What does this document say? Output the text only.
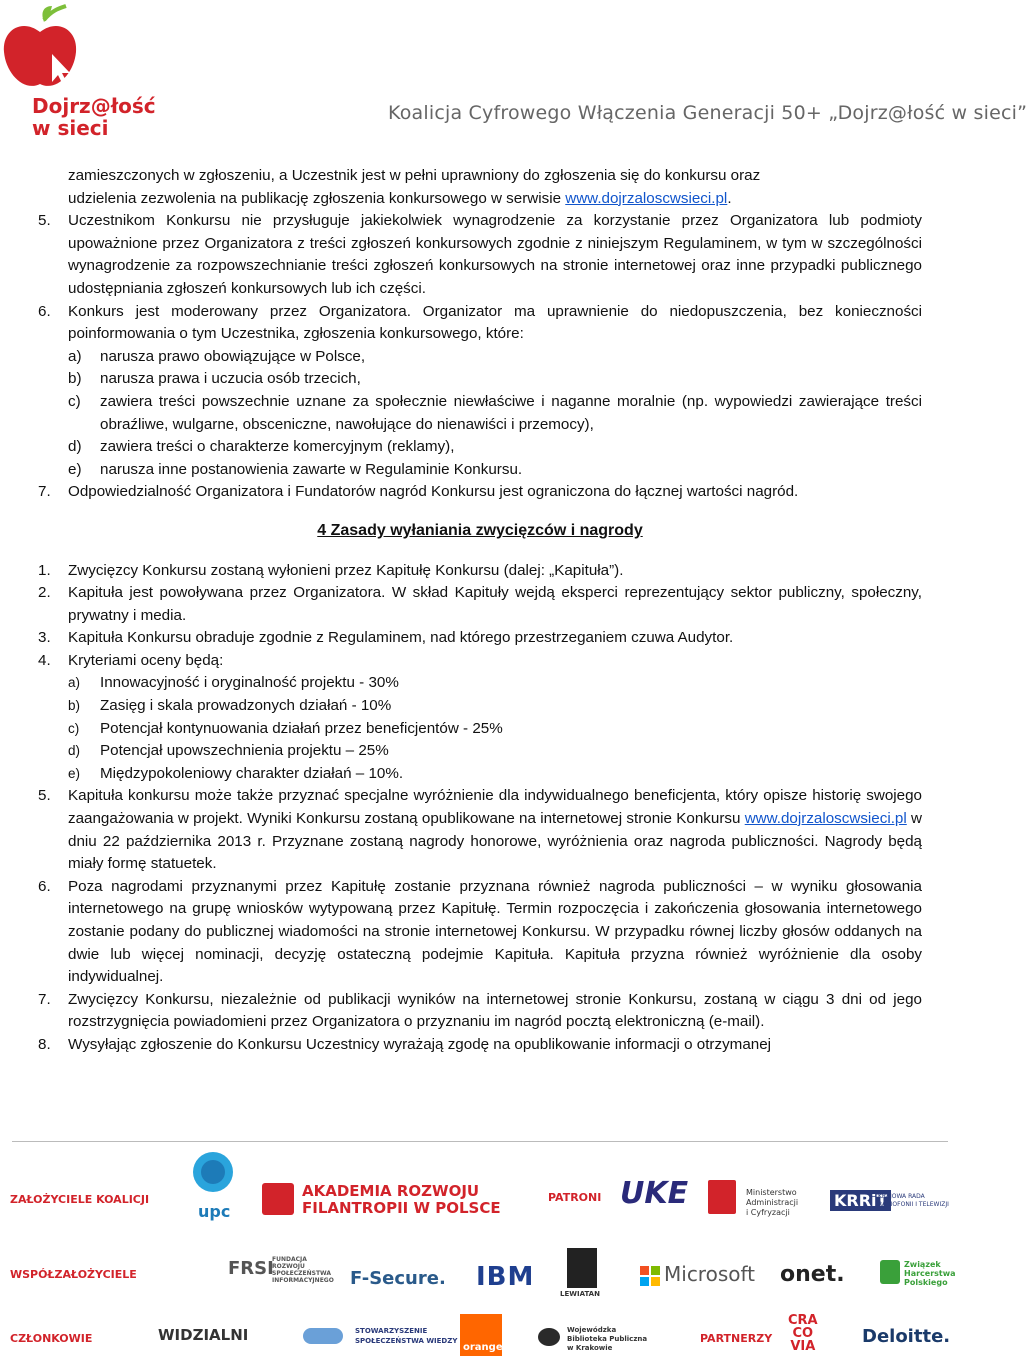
Dojrz@łość
w sieci
Koalicja Cyfrowego Włączenia Generacji 50+ „Dojrz@łość w sieci”
zamieszczonych w zgłoszeniu, a Uczestnik jest w pełni uprawniony do zgłoszenia się do konkursu oraz
udzielenia zezwolenia na publikację zgłoszenia konkursowego w serwisie www.dojrzaloscwsieci.pl.
5.	Uczestnikom Konkursu nie przysługuje jakiekolwiek wynagrodzenie za korzystanie przez Organizatora lub podmioty upoważnione przez Organizatora z treści zgłoszeń konkursowych zgodnie z niniejszym Regulaminem, w tym w szczególności wynagrodzenie za rozpowszechnianie treści zgłoszeń konkursowych na stronie internetowej oraz inne przypadki publicznego udostępniania zgłoszeń konkursowych lub ich części.
6.	Konkurs jest moderowany przez Organizatora. Organizator ma uprawnienie do niedopuszczenia, bez konieczności poinformowania o tym Uczestnika, zgłoszenia konkursowego, które:
a)	narusza prawo obowiązujące w Polsce,
b)	narusza prawa i uczucia osób trzecich,
c)	zawiera treści powszechnie uznane za społecznie niewłaściwe i naganne moralnie (np. wypowiedzi zawierające treści obraźliwe, wulgarne, obsceniczne, nawołujące do nienawiści i przemocy),
d)	zawiera treści o charakterze komercyjnym (reklamy),
e)	narusza inne postanowienia zawarte w Regulaminie Konkursu.
7.	Odpowiedzialność Organizatora i Fundatorów nagród Konkursu jest ograniczona do łącznej wartości nagród.
4 Zasady wyłaniania zwycięzców i nagrody
1.	Zwycięzcy Konkursu zostaną wyłonieni przez Kapitułę Konkursu (dalej: „Kapituła”).
2.	Kapituła jest powoływana przez Organizatora. W skład Kapituły wejdą eksperci reprezentujący sektor publiczny, społeczny, prywatny i media.
3.	Kapituła Konkursu obraduje zgodnie z Regulaminem, nad którego przestrzeganiem czuwa Audytor.
4.	Kryteriami oceny będą:
a)	Innowacyjność i oryginalność projektu - 30%
b)	Zasięg i skala prowadzonych działań - 10%
c)	Potencjał kontynuowania działań przez beneficjentów - 25%
d)	Potencjał upowszechnienia projektu – 25%
e)	Międzypokoleniowy charakter działań – 10%.
5.	Kapituła konkursu może także przyznać specjalne wyróżnienie dla indywidualnego beneficjenta, który opisze historię swojego zaangażowania w projekt. Wyniki Konkursu zostaną opublikowane na internetowej stronie Konkursu www.dojrzaloscwsieci.pl w dniu 22 października 2013 r. Przyznane zostaną nagrody honorowe, wyróżnienia oraz nagroda publiczności. Nagrody będą miały formę statuetek.
6.	Poza nagrodami przyznanymi przez Kapitułę zostanie przyznana również nagroda publiczności – w wyniku głosowania internetowego na grupę wniosków wytypowaną przez Kapitułę. Termin rozpoczęcia i zakończenia głosowania internetowego zostanie podany do publicznej wiadomości na stronie internetowej Konkursu. W przypadku równej liczby głosów oddanych na dwie lub więcej nominacji, decyzję ostateczną podejmie Kapituła. Kapituła przyzna również wyróżnienie dla osoby indywidualnej.
7.	Zwycięzcy Konkursu, niezależnie od publikacji wyników na internetowej stronie Konkursu, zostaną w ciągu 3 dni od jego rozstrzygnięcia powiadomieni przez Organizatora o przyznaniu im nagród pocztą elektroniczną (e-mail).
8.	Wysyłając zgłoszenie do Konkursu Uczestnicy wyrażają zgodę na opublikowanie informacji o otrzymanej
ZAŁOŻYCIELE KOALICJI
WSPÓŁZAŁOŻYCIELE
CZŁONKOWIE
PATRONI
PARTNERZY
upc
AKADEMIA ROZWOJU
FILANTROPII W POLSCE	UKE	Ministerstwo
Administracji
i Cyfryzacji
KRRiT
KRAJOWA RADA
RADIOFONII I TELEWIZJI
FRSI
FUNDACJA
ROZWOJU
SPOŁECZEŃSTWA
INFORMACYJNEGO F-Secure. IBM
LEWIATAN
Microsoft onet.	Związek
Harcerstwa
Polskiego
WIDZIALNI	STOWARZYSZENIE
SPOŁECZEŃSTWA WIEDZY
orange
Wojewódzka
Biblioteka Publiczna
w Krakowie
CRA
CO
VIA	Deloitte.
